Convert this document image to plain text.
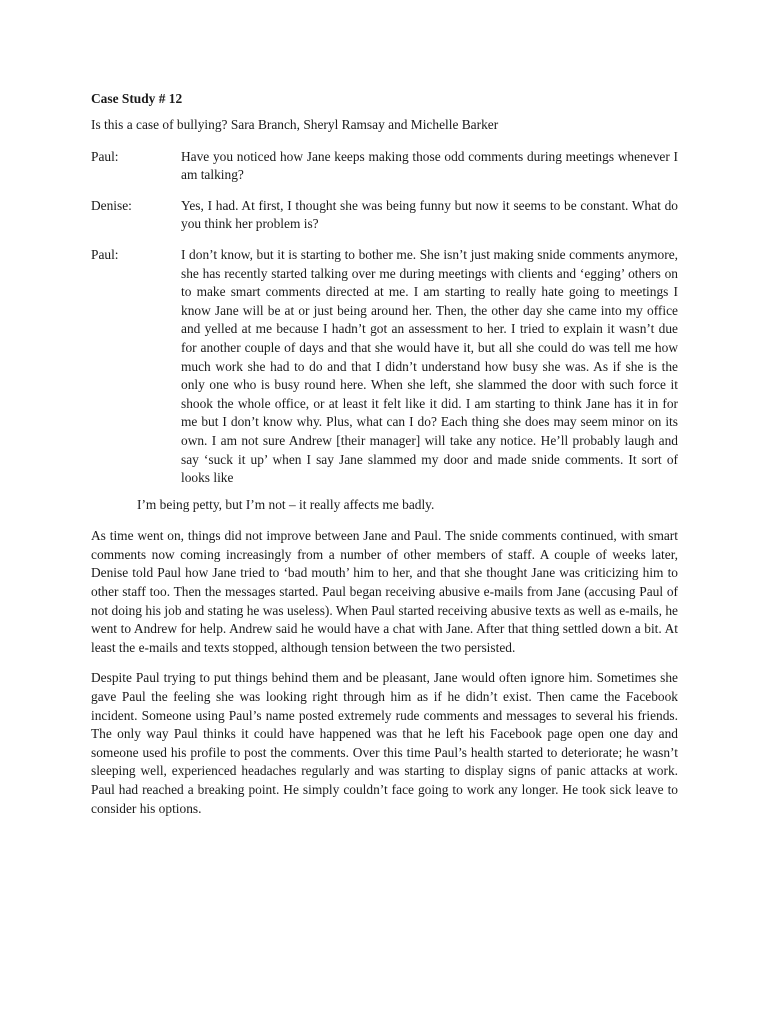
Case Study # 12
Is this a case of bullying? Sara Branch, Sheryl Ramsay and Michelle Barker
Paul:	Have you noticed how Jane keeps making those odd comments during meetings whenever I am talking?
Denise:	Yes, I had. At first, I thought she was being funny but now it seems to be constant. What do you think her problem is?
Paul:	I don’t know, but it is starting to bother me. She isn’t just making snide comments anymore, she has recently started talking over me during meetings with clients and ‘egging’ others on to make smart comments directed at me. I am starting to really hate going to meetings I know Jane will be at or just being around her. Then, the other day she came into my office and yelled at me because I hadn’t got an assessment to her. I tried to explain it wasn’t due for another couple of days and that she would have it, but all she could do was tell me how much work she had to do and that I didn’t understand how busy she was. As if she is the only one who is busy round here. When she left, she slammed the door with such force it shook the whole office, or at least it felt like it did. I am starting to think Jane has it in for me but I don’t know why. Plus, what can I do? Each thing she does may seem minor on its own. I am not sure Andrew [their manager] will take any notice. He’ll probably laugh and say ‘suck it up’ when I say Jane slammed my door and made snide comments. It sort of looks like
I’m being petty, but I’m not – it really affects me badly.

As time went on, things did not improve between Jane and Paul. The snide comments continued, with smart comments now coming increasingly from a number of other members of staff. A couple of weeks later, Denise told Paul how Jane tried to ‘bad mouth’ him to her, and that she thought Jane was criticizing him to other staff too. Then the messages started. Paul began receiving abusive e-mails from Jane (accusing Paul of not doing his job and stating he was useless). When Paul started receiving abusive texts as well as e-mails, he went to Andrew for help. Andrew said he would have a chat with Jane. After that thing settled down a bit. At least the e-mails and texts stopped, although tension between the two persisted.

Despite Paul trying to put things behind them and be pleasant, Jane would often ignore him. Sometimes she gave Paul the feeling she was looking right through him as if he didn’t exist. Then came the Facebook incident. Someone using Paul’s name posted extremely rude comments and messages to several his friends. The only way Paul thinks it could have happened was that he left his Facebook page open one day and someone used his profile to post the comments. Over this time Paul’s health started to deteriorate; he wasn’t sleeping well, experienced headaches regularly and was starting to display signs of panic attacks at work. Paul had reached a breaking point. He simply couldn’t face going to work any longer. He took sick leave to consider his options.
